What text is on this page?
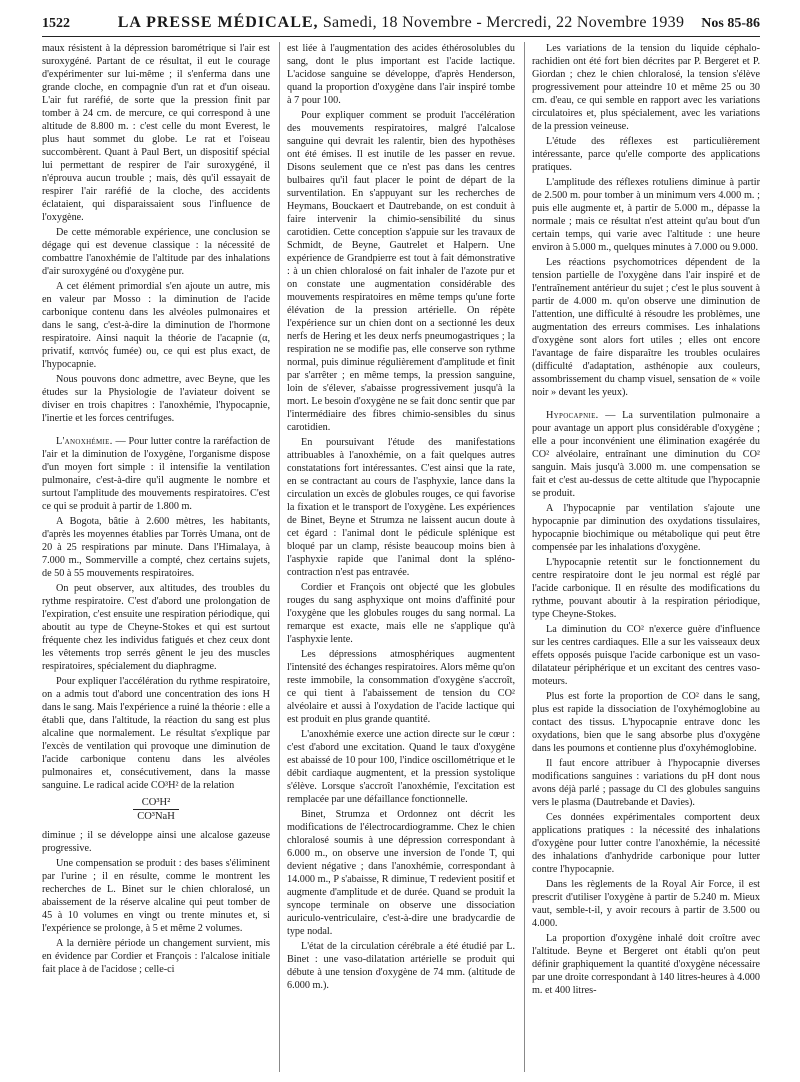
1522	LA PRESSE MÉDICALE, Samedi, 18 Novembre - Mercredi, 22 Novembre 1939	Nos 85-86

maux résistent à la dépression barométrique si l'air est suroxygéné. Partant de ce résultat, il eut le courage d'expérimenter sur lui-même ; il s'enferma dans une grande cloche, en compagnie d'un rat et d'un oiseau. L'air fut raréfié, de sorte que la pression finit par tomber à 24 cm. de mercure, ce qui correspond à une altitude de 8.800 m. : c'est celle du mont Everest, le plus haut sommet du globe. Le rat et l'oiseau succombèrent. Quant à Paul Bert, un dispositif spécial lui permettant de respirer de l'air suroxygéné, il n'éprouva aucun trouble ; mais, dès qu'il essayait de respirer l'air raréfié de la cloche, des accidents éclataient, qui disparaissaient sous l'influence de l'oxygène.

De cette mémorable expérience, une conclusion se dégage qui est devenue classique : la nécessité de combattre l'anoxhémie de l'altitude par des inhalations d'air suroxygéné ou d'oxygène pur.

A cet élément primordial s'en ajoute un autre, mis en valeur par Mosso : la diminution de l'acide carbonique contenu dans les alvéoles pulmonaires et dans le sang, c'est-à-dire la diminution de l'hormone respiratoire. Ainsi naquit la théorie de l'acapnie (α, privatif, καπνός fumée) ou, ce qui est plus exact, de l'hypocapnie.

Nous pouvons donc admettre, avec Beyne, que les études sur la Physiologie de l'aviateur doivent se diviser en trois chapitres : l'anoxhémie, l'hypocapnie, l'inertie et les forces centrifuges.

L'anoxhémie. — Pour lutter contre la raréfaction de l'air et la diminution de l'oxygène, l'organisme dispose d'un moyen fort simple : il intensifie la ventilation pulmonaire, c'est-à-dire qu'il augmente le nombre et surtout l'amplitude des mouvements respiratoires. C'est ce qui se produit à partir de 1.800 m.

A Bogota, bâtie à 2.600 mètres, les habitants, d'après les moyennes établies par Torrès Umana, ont de 20 à 25 respirations par minute. Dans l'Himalaya, à 7.000 m., Sommerville a compté, chez certains sujets, de 50 à 55 mouvements respiratoires.

On peut observer, aux altitudes, des troubles du rythme respiratoire. C'est d'abord une prolongation de l'expiration, c'est ensuite une respiration périodique, qui aboutit au type de Cheyne-Stokes et qui est surtout fréquente chez les individus fatigués et chez ceux dont les vêtements trop serrés gênent le jeu des muscles respiratoires, spécialement du diaphragme.

Pour expliquer l'accélération du rythme respiratoire, on a admis tout d'abord une concentration des ions H dans le sang. Mais l'expérience a ruiné la théorie : elle a établi que, dans l'altitude, la réaction du sang est plus alcaline que normalement. Le résultat s'explique par l'excès de ventilation qui provoque une diminution de l'acide carbonique contenu dans les alvéoles pulmonaires et, consécutivement, dans la masse sanguine. Le radical acide CO³H² de la relation

$\frac{\text{CO³H²}}{\text{CO³NaH}}$

diminue ; il se développe ainsi une alcalose gazeuse progressive.

Une compensation se produit : des bases s'éliminent par l'urine ; il en résulte, comme le montrent les recherches de L. Binet sur le chien chloralosé, un abaissement de la réserve alcaline qui peut tomber de 45 à 10 volumes en vingt ou trente minutes et, si l'expérience se prolonge, à 5 et même 2 volumes.

A la dernière période un changement survient, mis en évidence par Cordier et François : l'alcalose initiale fait place à de l'acidose ; celle-ci

est liée à l'augmentation des acides éthérosolubles du sang, dont le plus important est l'acide lactique. L'acidose sanguine se développe, d'après Henderson, quand la proportion d'oxygène dans l'air inspiré tombe à 7 pour 100.

Pour expliquer comment se produit l'accélération des mouvements respiratoires, malgré l'alcalose sanguine qui devrait les ralentir, bien des hypothèses ont été émises. Il est inutile de les passer en revue. Disons seulement que ce n'est pas dans les centres bulbaires qu'il faut placer le point de départ de la surventilation. En s'appuyant sur les recherches de Heymans, Bouckaert et Dautrebande, on est conduit à faire intervenir la chimio-sensibilité du sinus carotidien. Cette conception s'appuie sur les travaux de Schmidt, de Beyne, Gautrelet et Halpern. Une expérience de Grandpierre est tout à fait démonstrative : à un chien chloralosé on fait inhaler de l'azote pur et on constate une augmentation considérable des mouvements respiratoires en même temps qu'une forte élévation de la pression artérielle. On répète l'expérience sur un chien dont on a sectionné les deux nerfs de Hering et les deux nerfs pneumogastriques ; la respiration ne se modifie pas, elle conserve son rythme normal, puis diminue régulièrement d'amplitude et finit par s'arrêter ; en même temps, la pression sanguine, loin de s'élever, s'abaisse progressivement jusqu'à la mort. Le besoin d'oxygène ne se fait donc sentir que par l'intermédiaire des fibres chimio-sensibles du sinus carotidien.

En poursuivant l'étude des manifestations attribuables à l'anoxhémie, on a fait quelques autres constatations fort intéressantes. C'est ainsi que la rate, en se contractant au cours de l'asphyxie, lance dans la circulation un excès de globules rouges, ce qui favorise la fixation et le transport de l'oxygène. Les expériences de Binet, Beyne et Strumza ne laissent aucun doute à cet égard : l'animal dont le pédicule splénique est bloqué par un clamp, résiste beaucoup moins bien à l'asphyxie rapide que l'animal dont la spléno-contraction n'est pas entravée.

Cordier et François ont objecté que les globules rouges du sang asphyxique ont moins d'affinité pour l'oxygène que les globules rouges du sang normal. La remarque est exacte, mais elle ne s'applique qu'à l'asphyxie lente.

Les dépressions atmosphériques augmentent l'intensité des échanges respiratoires. Alors même qu'on reste immobile, la consommation d'oxygène s'accroît, ce qui tient à l'abaissement de tension du CO² alvéolaire et aussi à l'oxydation de l'acide lactique qui est produit en plus grande quantité.

L'anoxhémie exerce une action directe sur le cœur : c'est d'abord une excitation. Quand le taux d'oxygène est abaissé de 10 pour 100, l'indice oscillométrique et le débit cardiaque augmentent, et la pression systolique s'élève. Lorsque s'accroît l'anoxhémie, l'excitation est remplacée par une défaillance fonctionnelle.

Binet, Strumza et Ordonnez ont décrit les modifications de l'électrocardiogramme. Chez le chien chloralosé soumis à une dépression correspondant à 6.000 m., on observe une inversion de l'onde T, qui devient négative ; dans l'anoxhémie, correspondant à 14.000 m., P s'abaisse, R diminue, T redevient positif et augmente d'amplitude et de durée. Quand se produit la syncope terminale on observe une dissociation auriculo-ventriculaire, c'est-à-dire une bradycardie de type nodal.

L'état de la circulation cérébrale a été étudié par L. Binet : une vaso-dilatation artérielle se produit qui débute à une tension d'oxygène de 74 mm. (altitude de 6.000 m.).

Les variations de la tension du liquide céphalo-rachidien ont été fort bien décrites par P. Bergeret et P. Giordan ; chez le chien chloralosé, la tension s'élève progressivement pour atteindre 10 et même 25 ou 30 cm. d'eau, ce qui semble en rapport avec les variations circulatoires et, plus spécialement, avec les variations de la pression veineuse.

L'étude des réflexes est particulièrement intéressante, parce qu'elle comporte des applications pratiques.

L'amplitude des réflexes rotuliens diminue à partir de 2.500 m. pour tomber à un minimum vers 4.000 m. ; puis elle augmente et, à partir de 5.000 m., dépasse la normale ; mais ce résultat n'est atteint qu'au bout d'un certain temps, qui varie avec l'altitude : une heure environ à 5.000 m., quelques minutes à 7.000 ou 9.000.

Les réactions psychomotrices dépendent de la tension partielle de l'oxygène dans l'air inspiré et de l'entraînement antérieur du sujet ; c'est le plus souvent à partir de 4.000 m. qu'on observe une diminution de l'attention, une difficulté à résoudre les problèmes, une augmentation des erreurs commises. Les inhalations d'oxygène sont alors fort utiles ; elles ont encore l'avantage de faire disparaître les troubles oculaires (difficulté d'adaptation, asthénopie aux couleurs, assombrissement du champ visuel, sensation de « voile noir » devant les yeux).

Hypocapnie. — La surventilation pulmonaire a pour avantage un apport plus considérable d'oxygène ; elle a pour inconvénient une élimination exagérée du CO² alvéolaire, entraînant une diminution du CO² sanguin. Mais jusqu'à 3.000 m. une compensation se fait et c'est au-dessus de cette altitude que l'hypocapnie se produit.

A l'hypocapnie par ventilation s'ajoute une hypocapnie par diminution des oxydations tissulaires, hypocapnie biochimique ou métabolique qui peut être compensée par les inhalations d'oxygène.

L'hypocapnie retentit sur le fonctionnement du centre respiratoire dont le jeu normal est réglé par l'acide carbonique. Il en résulte des modifications du rythme, pouvant aboutir à la respiration périodique, type Cheyne-Stokes.

La diminution du CO² n'exerce guère d'influence sur les centres cardiaques. Elle a sur les vaisseaux deux effets opposés puisque l'acide carbonique est un vaso-dilatateur périphérique et un excitant des centres vaso-moteurs.

Plus est forte la proportion de CO² dans le sang, plus est rapide la dissociation de l'oxyhémoglobine au contact des tissus. L'hypocapnie entrave donc les oxydations, bien que le sang absorbe plus d'oxygène dans les poumons et contienne plus d'oxyhémoglobine.

Il faut encore attribuer à l'hypocapnie diverses modifications sanguines : variations du pH dont nous avons déjà parlé ; passage du Cl des globules sanguins vers le plasma (Dautrebande et Davies).

Ces données expérimentales comportent deux applications pratiques : la nécessité des inhalations d'oxygène pour lutter contre l'anoxhémie, la nécessité des inhalations d'anhydride carbonique pour lutter contre l'hypocapnie.

Dans les règlements de la Royal Air Force, il est prescrit d'utiliser l'oxygène à partir de 5.240 m. Mieux vaut, semble-t-il, y avoir recours à partir de 3.500 ou 4.000.

La proportion d'oxygène inhalé doit croître avec l'altitude. Beyne et Bergeret ont établi qu'on peut définir graphiquement la quantité d'oxygène nécessaire par une droite correspondant à 140 litres-heures à 4.000 m. et 400 litres-
